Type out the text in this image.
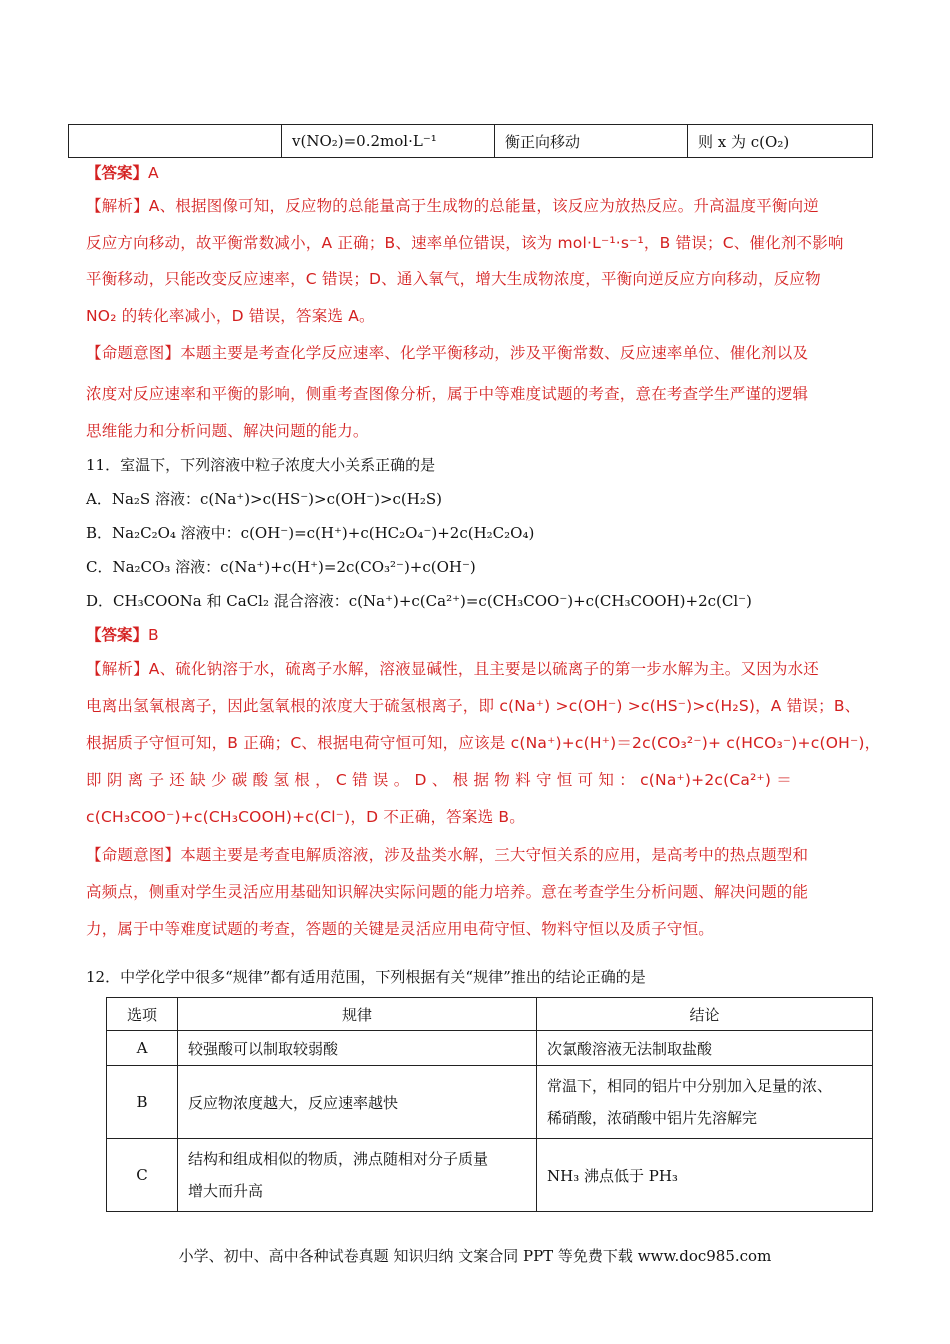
	v(NO₂)=0.2mol·L⁻¹	衡正向移动	则 x 为 c(O₂)
【答案】A
【解析】A、根据图像可知，反应物的总能量高于生成物的总能量，该反应为放热反应。升高温度平衡向逆
反应方向移动，故平衡常数减小，A 正确；B、速率单位错误，该为 mol·L⁻¹·s⁻¹，B 错误；C、催化剂不影响
平衡移动，只能改变反应速率，C 错误；D、通入氧气，增大生成物浓度，平衡向逆反应方向移动，反应物
NO₂ 的转化率减小，D 错误，答案选 A。
【命题意图】本题主要是考查化学反应速率、化学平衡移动，涉及平衡常数、反应速率单位、催化剂以及
浓度对反应速率和平衡的影响，侧重考查图像分析，属于中等难度试题的考查，意在考查学生严谨的逻辑
思维能力和分析问题、解决问题的能力。
11．室温下，下列溶液中粒子浓度大小关系正确的是
A．Na₂S 溶液：c(Na⁺)>c(HS⁻)>c(OH⁻)>c(H₂S)
B．Na₂C₂O₄ 溶液中：c(OH⁻)=c(H⁺)+c(HC₂O₄⁻)+2c(H₂C₂O₄)
C．Na₂CO₃ 溶液：c(Na⁺)+c(H⁺)=2c(CO₃²⁻)+c(OH⁻)
D．CH₃COONa 和 CaCl₂ 混合溶液：c(Na⁺)+c(Ca²⁺)=c(CH₃COO⁻)+c(CH₃COOH)+2c(Cl⁻)
【答案】B
【解析】A、硫化钠溶于水，硫离子水解，溶液显碱性，且主要是以硫离子的第一步水解为主。又因为水还
电离出氢氧根离子，因此氢氧根的浓度大于硫氢根离子，即 c(Na⁺) >c(OH⁻) >c(HS⁻)>c(H₂S)，A 错误；B、
根据质子守恒可知，B 正确；C、根据电荷守恒可知，应该是 c(Na⁺)+c(H⁺)＝2c(CO₃²⁻)+ c(HCO₃⁻)+c(OH⁻)，
即 阴 离 子 还 缺 少 碳 酸 氢 根 ， C 错 误 。 D 、 根 据 物 料 守 恒 可 知 ： c(Na⁺)+2c(Ca²⁺) ＝
c(CH₃COO⁻)+c(CH₃COOH)+c(Cl⁻)，D 不正确，答案选 B。
【命题意图】本题主要是考查电解质溶液，涉及盐类水解，三大守恒关系的应用，是高考中的热点题型和
高频点，侧重对学生灵活应用基础知识解决实际问题的能力培养。意在考查学生分析问题、解决问题的能
力，属于中等难度试题的考查，答题的关键是灵活应用电荷守恒、物料守恒以及质子守恒。
12．中学化学中很多“规律”都有适用范围，下列根据有关“规律”推出的结论正确的是
选项	规律	结论
A	较强酸可以制取较弱酸	次氯酸溶液无法制取盐酸
B	反应物浓度越大，反应速率越快	常温下，相同的铝片中分别加入足量的浓、
稀硝酸，浓硝酸中铝片先溶解完

C	结构和组成相似的物质，沸点随相对分子质量
增大而升高	NH₃ 沸点低于 PH₃
小学、初中、高中各种试卷真题 知识归纳 文案合同 PPT 等免费下载 www.doc985.com
